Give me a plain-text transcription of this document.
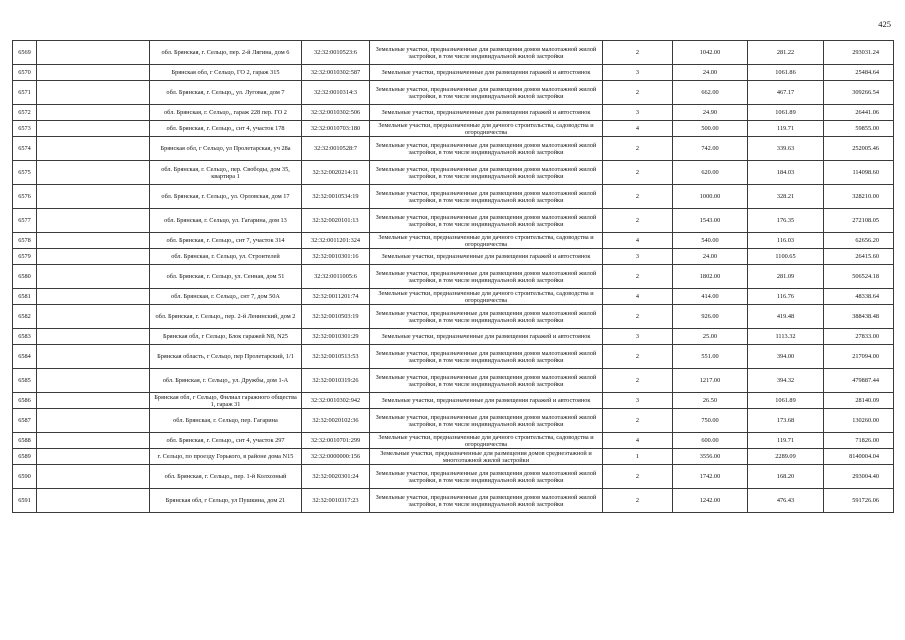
425
6569		обл. Брянская, г. Сельцо, пер. 2-й Лягина, дом 6	32:32:0010523:6	Земельные участки, предназначенные для размещения домов малоэтажной жилой застройки, в том числе индивидуальной жилой застройки	2	1042.00	281.22	293031.24
6570		Брянская обл, г Сельцо, ГО 2, гараж 315	32:32:0010302:587	Земельные участки, предназначенные для размещения гаражей и автостоянок	3	24.00	1061.86	25484.64
6571		обл. Брянская, г. Сельцо,, ул. Луговая, дом 7	32:32:0010314:3	Земельные участки, предназначенные для размещения домов малоэтажной жилой застройки, в том числе индивидуальной жилой застройки	2	662.00	467.17	309266.54
6572		обл. Брянская, г. Сельцо,, гараж 228 пер. ГО 2	32:32:0010302:506	Земельные участки, предназначенные для размещения гаражей и автостоянок	3	24.90	1061.89	26441.06
6573		обл. Брянская, г. Сельцо,, снт 4, участок 178	32:32:0010703:180	Земельные участки, предназначенные для дачного строительства, садоводства и огородничества	4	500.00	119.71	59855.00
6574		Брянская обл, г Сельцо, ул Пролетарская, уч 28а	32:32:0010528:7	Земельные участки, предназначенные для размещения домов малоэтажной жилой застройки, в том числе индивидуальной жилой застройки	2	742.00	339.63	252005.46
6575		обл. Брянская, г. Сельцо,, пер. Свободы, дом 35, квартира 1	32:32:0020214:11	Земельные участки, предназначенные для размещения домов малоэтажной жилой застройки, в том числе индивидуальной жилой застройки	2	620.00	184.03	114098.60
6576		обл. Брянская, г. Сельцо,, ул. Орловская, дом 17	32:32:0010534:19	Земельные участки, предназначенные для размещения домов малоэтажной жилой застройки, в том числе индивидуальной жилой застройки	2	1000.00	328.21	328210.00
6577		обл. Брянская, г. Сельцо, ул. Гагарина, дом 13	32:32:0020101:13	Земельные участки, предназначенные для размещения домов малоэтажной жилой застройки, в том числе индивидуальной жилой застройки	2	1543.00	176.35	272108.05
6578		обл. Брянская, г. Сельцо,, снт 7, участок 314	32:32:0011201:324	Земельные участки, предназначенные для дачного строительства, садоводства и огородничества	4	540.00	116.03	62656.20
6579		обл. Брянская, г. Сельцо, ул. Строителей	32:32:0010301:16	Земельные участки, предназначенные для размещения гаражей и автостоянок	3	24.00	1100.65	26415.60
6580		обл. Брянская, г. Сельцо, ул. Сенная, дом 51	32:32:0011005:6	Земельные участки, предназначенные для размещения домов малоэтажной жилой застройки, в том числе индивидуальной жилой застройки	2	1802.00	281.09	506524.18
6581		обл. Брянская, г. Сельцо,, снт 7, дом 50А	32:32:0011201:74	Земельные участки, предназначенные для дачного строительства, садоводства и огородничества	4	414.00	116.76	48338.64
6582		обл. Брянская, г. Сельцо,, пер. 2-й Ленинский, дом 2	32:32:0010503:19	Земельные участки, предназначенные для размещения домов малоэтажной жилой застройки, в том числе индивидуальной жилой застройки	2	926.00	419.48	388438.48
6583		Брянская обл, г Сельцо, Блок гаражей N8, N25	32:32:0010301:29	Земельные участки, предназначенные для размещения гаражей и автостоянок	3	25.00	1113.32	27833.00
6584		Брянская область, г Сельцо, пер Пролетарский, 1/1	32:32:0010513:53	Земельные участки, предназначенные для размещения домов малоэтажной жилой застройки, в том числе индивидуальной жилой застройки	2	551.00	394.00	217094.00
6585		обл. Брянская, г. Сельцо,, ул. Дружбы, дом 1-А	32:32:0010319:26	Земельные участки, предназначенные для размещения домов малоэтажной жилой застройки, в том числе индивидуальной жилой застройки	2	1217.00	394.32	479887.44
6586		Брянская обл, г Сельцо, Филиал гаражного общества 1, гараж 31	32:32:0010302:942	Земельные участки, предназначенные для размещения гаражей и автостоянок	3	26.50	1061.89	28140.09
6587		обл. Брянская, г. Сельцо, пер. Гагарина	32:32:0020102:36	Земельные участки, предназначенные для размещения домов малоэтажной жилой застройки, в том числе индивидуальной жилой застройки	2	750.00	173.68	130260.00
6588		обл. Брянская, г. Сельцо,, снт 4, участок 297	32:32:0010701:299	Земельные участки, предназначенные для дачного строительства, садоводства и огородничества	4	600.00	119.71	71826.00
6589		г. Сельцо, по проезду Горького, в районе дома N15	32:32:0000000:156	Земельные участки, предназначенные для размещения домов среднеэтажной и многоэтажной жилой застройки	1	3556.00	2289.09	8140004.04
6590		обл. Брянская, г. Сельцо,, пер. 1-й Колхозный	32:32:0020301:24	Земельные участки, предназначенные для размещения домов малоэтажной жилой застройки, в том числе индивидуальной жилой застройки	2	1742.00	168.20	293004.40
6591		Брянская обл, г Сельцо, ул Пушкина, дом 21	32:32:0010317:23	Земельные участки, предназначенные для размещения домов малоэтажной жилой застройки, в том числе индивидуальной жилой застройки	2	1242.00	476.43	591726.06
